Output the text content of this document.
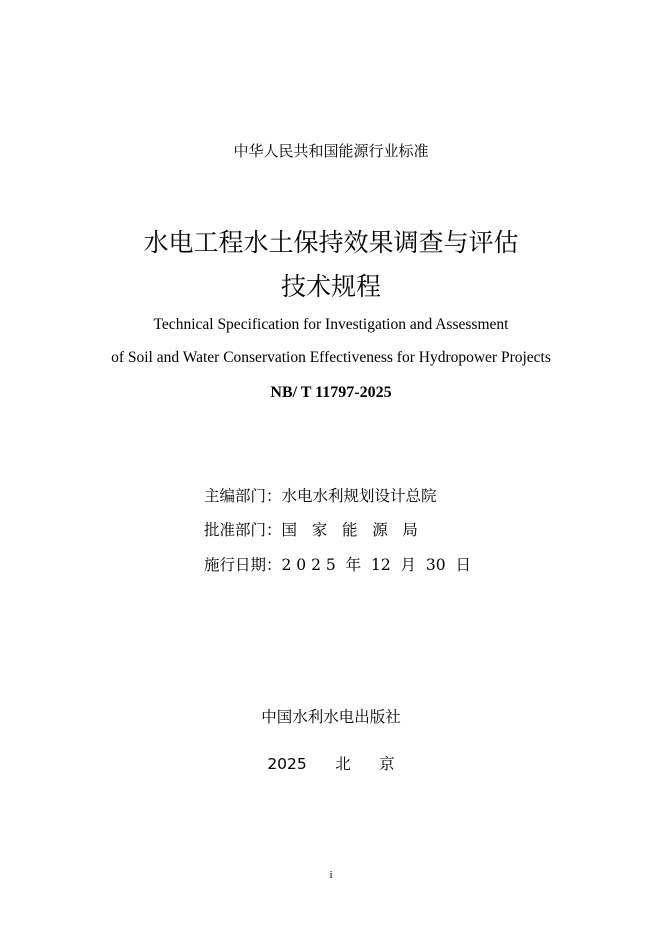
中华人民共和国能源行业标准
水电工程水土保持效果调查与评估
技术规程
Technical Specification for Investigation and Assessment
of Soil and Water Conservation Effectiveness for Hydropower Projects
NB/ T 11797-2025
主编部门：水电水利规划设计总院
批准部门：国家能源局
施行日期：2 0 2 5  年  12  月  30  日
中国水利水电出版社
2025  北  京
i
